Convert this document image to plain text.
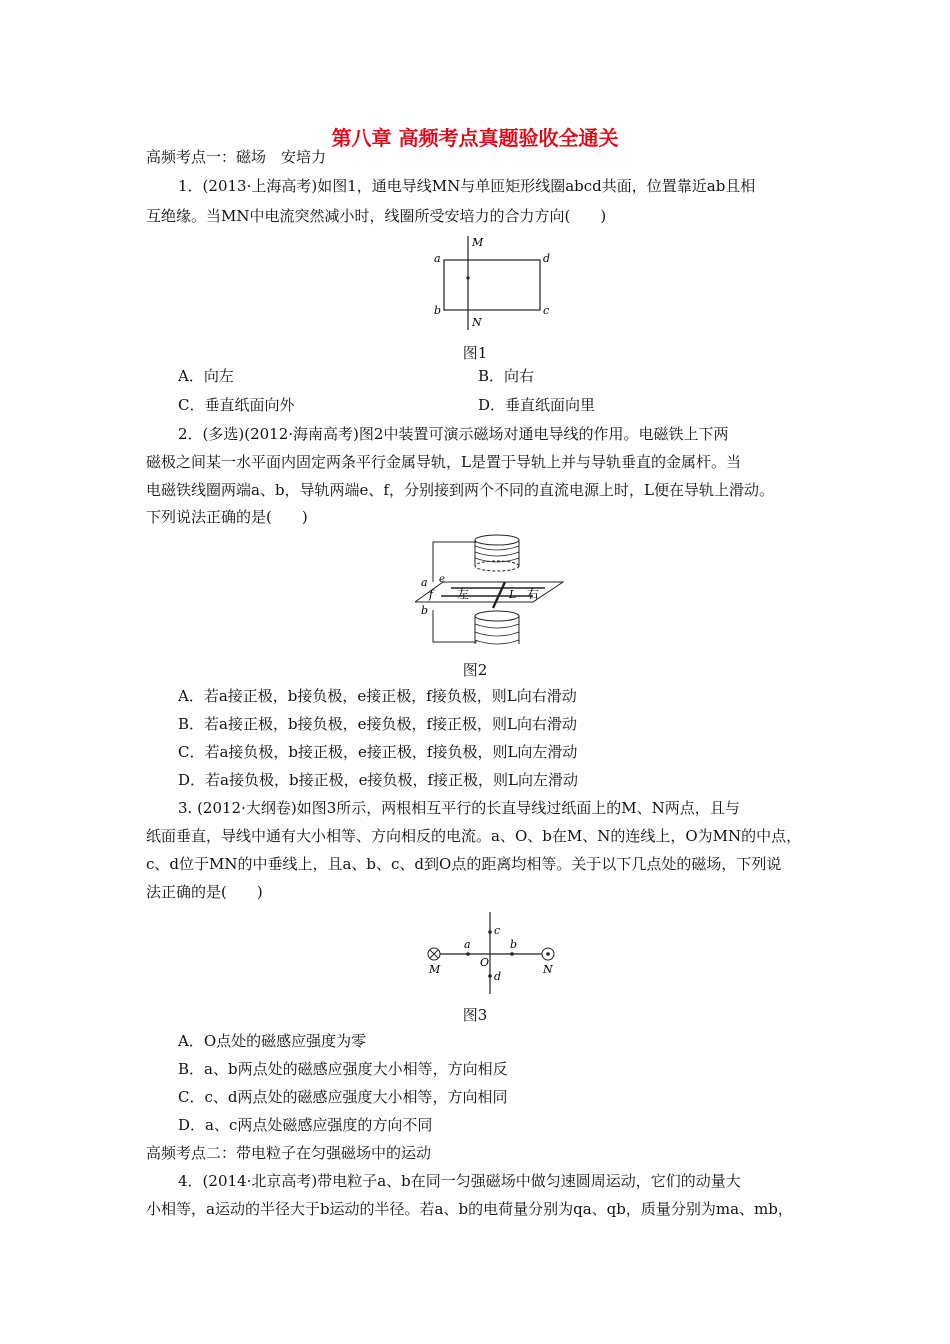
第八章 高频考点真题验收全通关
高频考点一：磁场　安培力
1．(2013·上海高考)如图1，通电导线MN与单匝矩形线圈abcd共面，位置靠近ab且相
互绝缘。当MN中电流突然减小时，线圈所受安培力的合力方向(　　)
M
N
a
b	c
d
图1
A．向左	B．向右
C．垂直纸面向外	D．垂直纸面向里
2．(多选)(2012·海南高考)图2中装置可演示磁场对通电导线的作用。电磁铁上下两
磁极之间某一水平面内固定两条平行金属导轨，L是置于导轨上并与导轨垂直的金属杆。当
电磁铁线圈两端a、b，导轨两端e、f，分别接到两个不同的直流电源上时，L便在导轨上滑动。
下列说法正确的是(　　)
a
b
e
f 左	L 右
图2
A．若a接正极，b接负极，e接正极，f接负极，则L向右滑动
B．若a接正极，b接负极，e接负极，f接正极，则L向右滑动
C．若a接负极，b接正极，e接正极，f接负极，则L向左滑动
D．若a接负极，b接正极，e接负极，f接正极，则L向左滑动
3. (2012·大纲卷)如图3所示，两根相互平行的长直导线过纸面上的M、N两点，且与
纸面垂直，导线中通有大小相等、方向相反的电流。a、O、b在M、N的连线上，O为MN的中点，
c、d位于MN的中垂线上，且a、b、c、d到O点的距离均相等。关于以下几点处的磁场，下列说
法正确的是(　　)
a	b
c
d
O
M	N
图3
A．O点处的磁感应强度为零
B．a、b两点处的磁感应强度大小相等，方向相反
C．c、d两点处的磁感应强度大小相等，方向相同
D．a、c两点处磁感应强度的方向不同
高频考点二：带电粒子在匀强磁场中的运动
4．(2014·北京高考)带电粒子a、b在同一匀强磁场中做匀速圆周运动，它们的动量大
小相等，a运动的半径大于b运动的半径。若a、b的电荷量分别为qa、qb，质量分别为ma、mb，
